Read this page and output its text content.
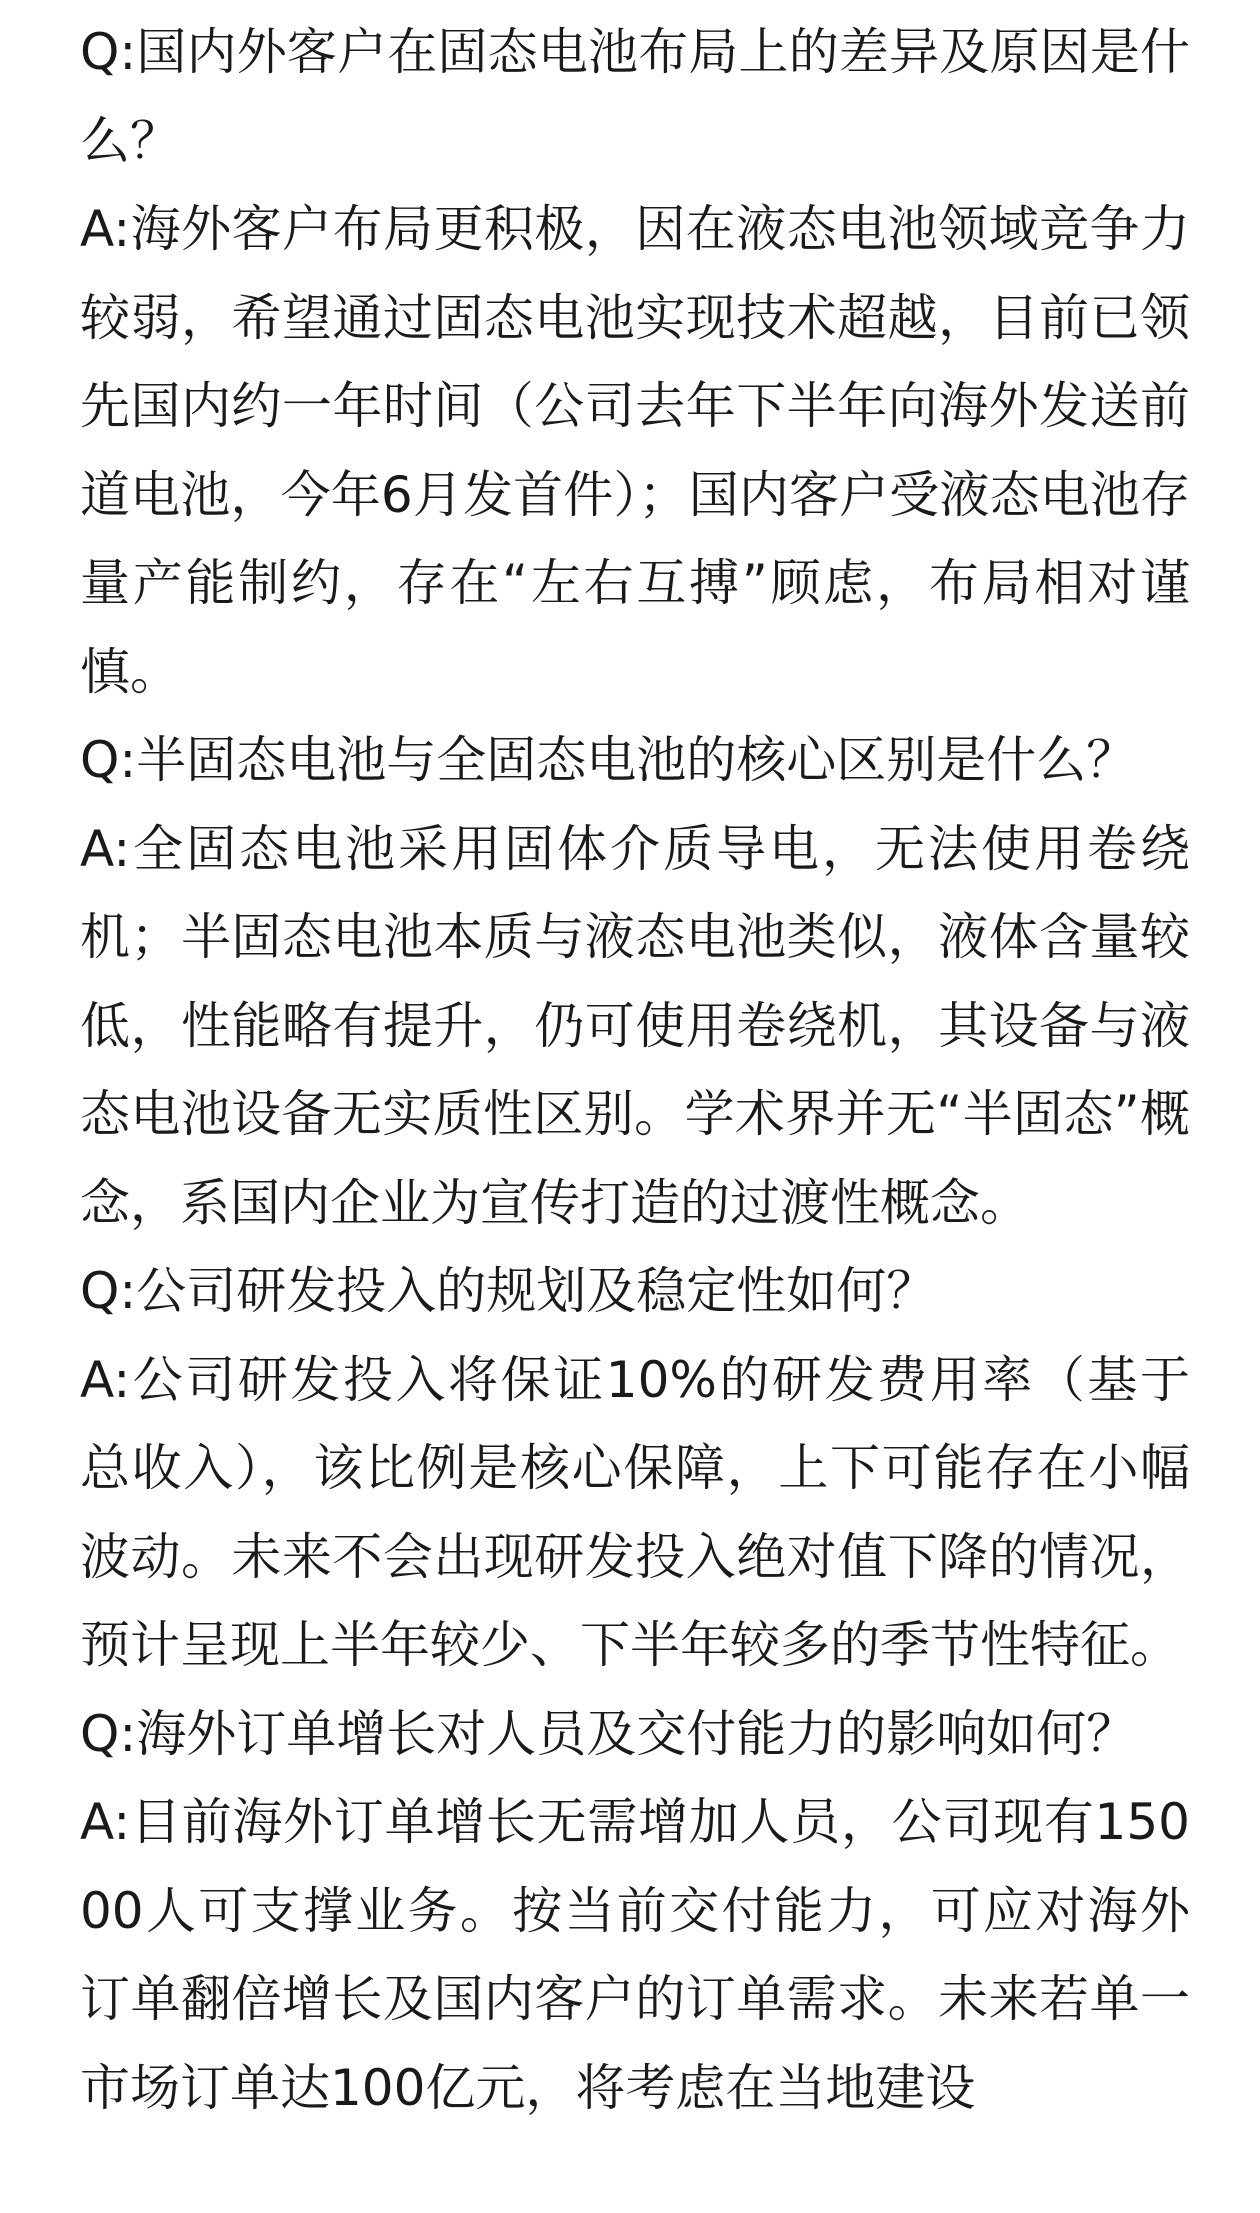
Q:国内外客户在固态电池布局上的差异及原因是什么？

A:海外客户布局更积极，因在液态电池领域竞争力较弱，希望通过固态电池实现技术超越，目前已领先国内约一年时间（公司去年下半年向海外发送前道电池，今年6月发首件）；国内客户受液态电池存量产能制约，存在“左右互搏”顾虑，布局相对谨慎。

Q:半固态电池与全固态电池的核心区别是什么？

A:全固态电池采用固体介质导电，无法使用卷绕机；半固态电池本质与液态电池类似，液体含量较低，性能略有提升，仍可使用卷绕机，其设备与液态电池设备无实质性区别。学术界并无“半固态”概念，系国内企业为宣传打造的过渡性概念。

Q:公司研发投入的规划及稳定性如何？

A:公司研发投入将保证10%的研发费用率（基于总收入），该比例是核心保障，上下可能存在小幅波动。未来不会出现研发投入绝对值下降的情况，预计呈现上半年较少、下半年较多的季节性特征。

Q:海外订单增长对人员及交付能力的影响如何？

A:目前海外订单增长无需增加人员，公司现有15000人可支撑业务。按当前交付能力，可应对海外订单翻倍增长及国内客户的订单需求。未来若单一市场订单达100亿元，将考虑在当地建设
